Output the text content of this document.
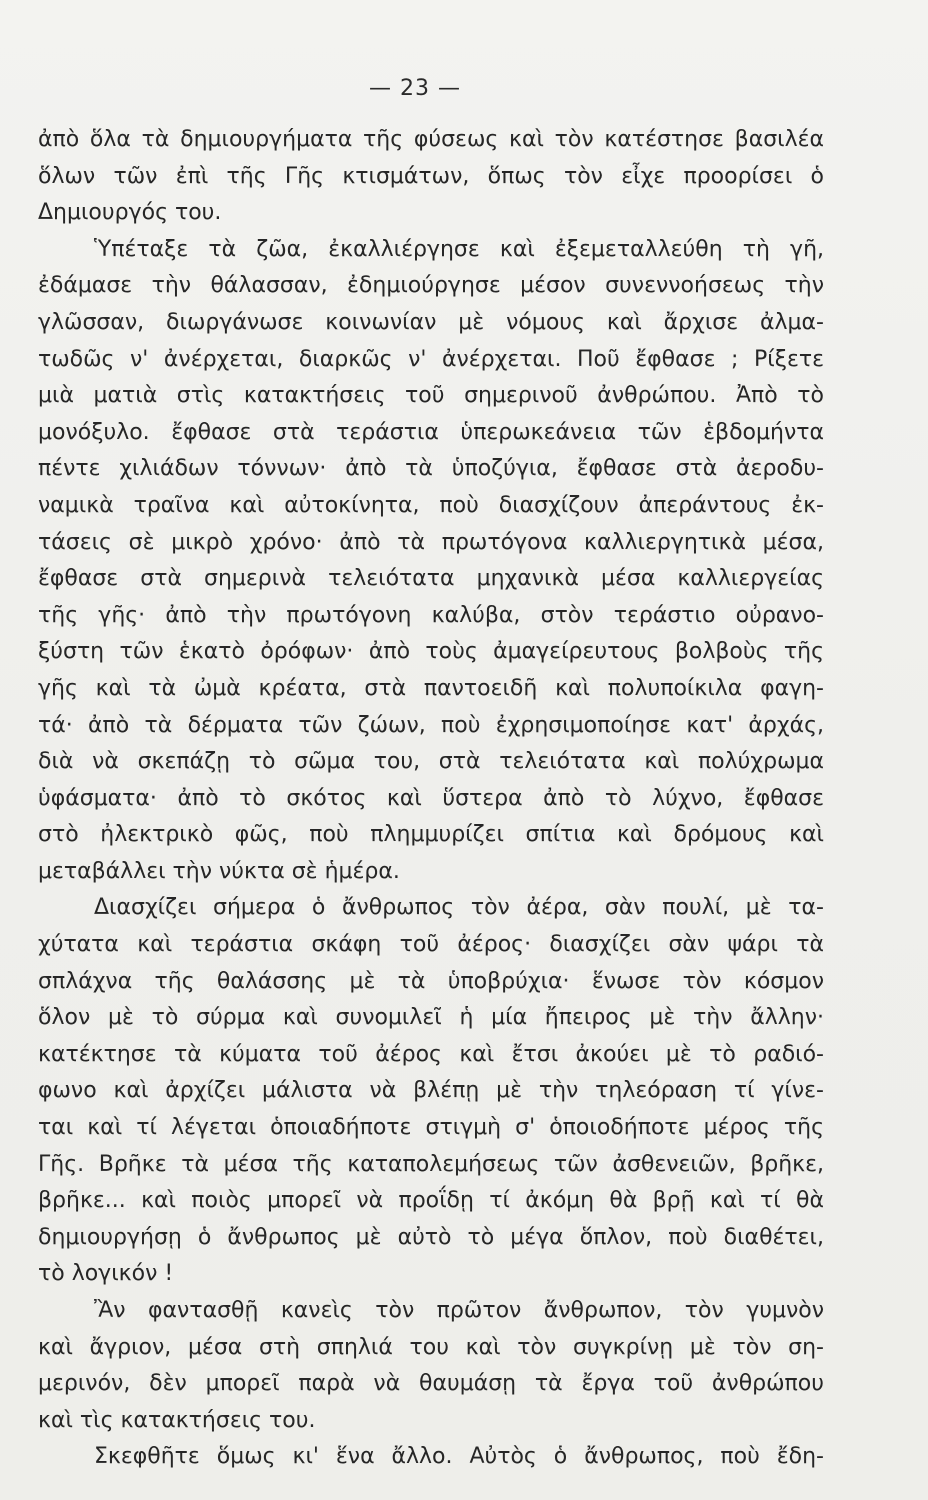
— 23 —
ἀπὸ ὅλα τὰ δημιουργήματα τῆς φύσεως καὶ τὸν κατέστησε βασιλέα
ὅλων τῶν ἐπὶ τῆς Γῆς κτισμάτων, ὅπως τὸν εἶχε προορίσει ὁ
Δημιουργός του.
Ὑπέταξε τὰ ζῶα, ἐκαλλιέργησε καὶ ἐξεμεταλλεύθη τὴ γῆ,
ἐδάμασε τὴν θάλασσαν, ἐδημιούργησε μέσον συνεννοήσεως τὴν
γλῶσσαν, διωργάνωσε κοινωνίαν μὲ νόμους καὶ ἄρχισε ἀλμα-
τωδῶς ν' ἀνέρχεται, διαρκῶς ν' ἀνέρχεται. Ποῦ ἔφθασε ; Ρίξετε
μιὰ ματιὰ στὶς κατακτήσεις τοῦ σημερινοῦ ἀνθρώπου. Ἀπὸ τὸ
μονόξυλο. ἔφθασε στὰ τεράστια ὑπερωκεάνεια τῶν ἑβδομήντα
πέντε χιλιάδων τόννων· ἀπὸ τὰ ὑποζύγια, ἔφθασε στὰ ἀεροδυ-
ναμικὰ τραῖνα καὶ αὐτοκίνητα, ποὺ διασχίζουν ἀπεράντους ἐκ-
τάσεις σὲ μικρὸ χρόνο· ἀπὸ τὰ πρωτόγονα καλλιεργητικὰ μέσα,
ἔφθασε στὰ σημερινὰ τελειότατα μηχανικὰ μέσα καλλιεργείας
τῆς γῆς· ἀπὸ τὴν πρωτόγονη καλύβα, στὸν τεράστιο οὐρανο-
ξύστη τῶν ἑκατὸ ὀρόφων· ἀπὸ τοὺς ἀμαγείρευτους βολβοὺς τῆς
γῆς καὶ τὰ ὠμὰ κρέατα, στὰ παντοειδῆ καὶ πολυποίκιλα φαγη-
τά· ἀπὸ τὰ δέρματα τῶν ζώων, ποὺ ἐχρησιμοποίησε κατ' ἀρχάς,
διὰ νὰ σκεπάζῃ τὸ σῶμα του, στὰ τελειότατα καὶ πολύχρωμα
ὑφάσματα· ἀπὸ τὸ σκότος καὶ ὕστερα ἀπὸ τὸ λύχνο, ἔφθασε
στὸ ἠλεκτρικὸ φῶς, ποὺ πλημμυρίζει σπίτια καὶ δρόμους καὶ
μεταβάλλει τὴν νύκτα σὲ ἡμέρα.
Διασχίζει σήμερα ὁ ἄνθρωπος τὸν ἀέρα, σὰν πουλί, μὲ τα-
χύτατα καὶ τεράστια σκάφη τοῦ ἀέρος· διασχίζει σὰν ψάρι τὰ
σπλάχνα τῆς θαλάσσης μὲ τὰ ὑποβρύχια· ἕνωσε τὸν κόσμον
ὅλον μὲ τὸ σύρμα καὶ συνομιλεῖ ἡ μία ἤπειρος μὲ τὴν ἄλλην·
κατέκτησε τὰ κύματα τοῦ ἀέρος καὶ ἔτσι ἀκούει μὲ τὸ ραδιό-
φωνο καὶ ἀρχίζει μάλιστα νὰ βλέπῃ μὲ τὴν τηλεόραση τί γίνε-
ται καὶ τί λέγεται ὁποιαδήποτε στιγμὴ σ' ὁποιοδήποτε μέρος τῆς
Γῆς. Βρῆκε τὰ μέσα τῆς καταπολεμήσεως τῶν ἀσθενειῶν, βρῆκε,
βρῆκε... καὶ ποιὸς μπορεῖ νὰ προΐδῃ τί ἀκόμη θὰ βρῇ καὶ τί θὰ
δημιουργήσῃ ὁ ἄνθρωπος μὲ αὐτὸ τὸ μέγα ὅπλον, ποὺ διαθέτει,
τὸ λογικόν !
Ἂν φαντασθῇ κανεὶς τὸν πρῶτον ἄνθρωπον, τὸν γυμνὸν
καὶ ἄγριον, μέσα στὴ σπηλιά του καὶ τὸν συγκρίνῃ μὲ τὸν ση-
μερινόν, δὲν μπορεῖ παρὰ νὰ θαυμάσῃ τὰ ἔργα τοῦ ἀνθρώπου
καὶ τὶς κατακτήσεις του.
Σκεφθῆτε ὅμως κι' ἕνα ἄλλο. Αὐτὸς ὁ ἄνθρωπος, ποὺ ἔδη-
